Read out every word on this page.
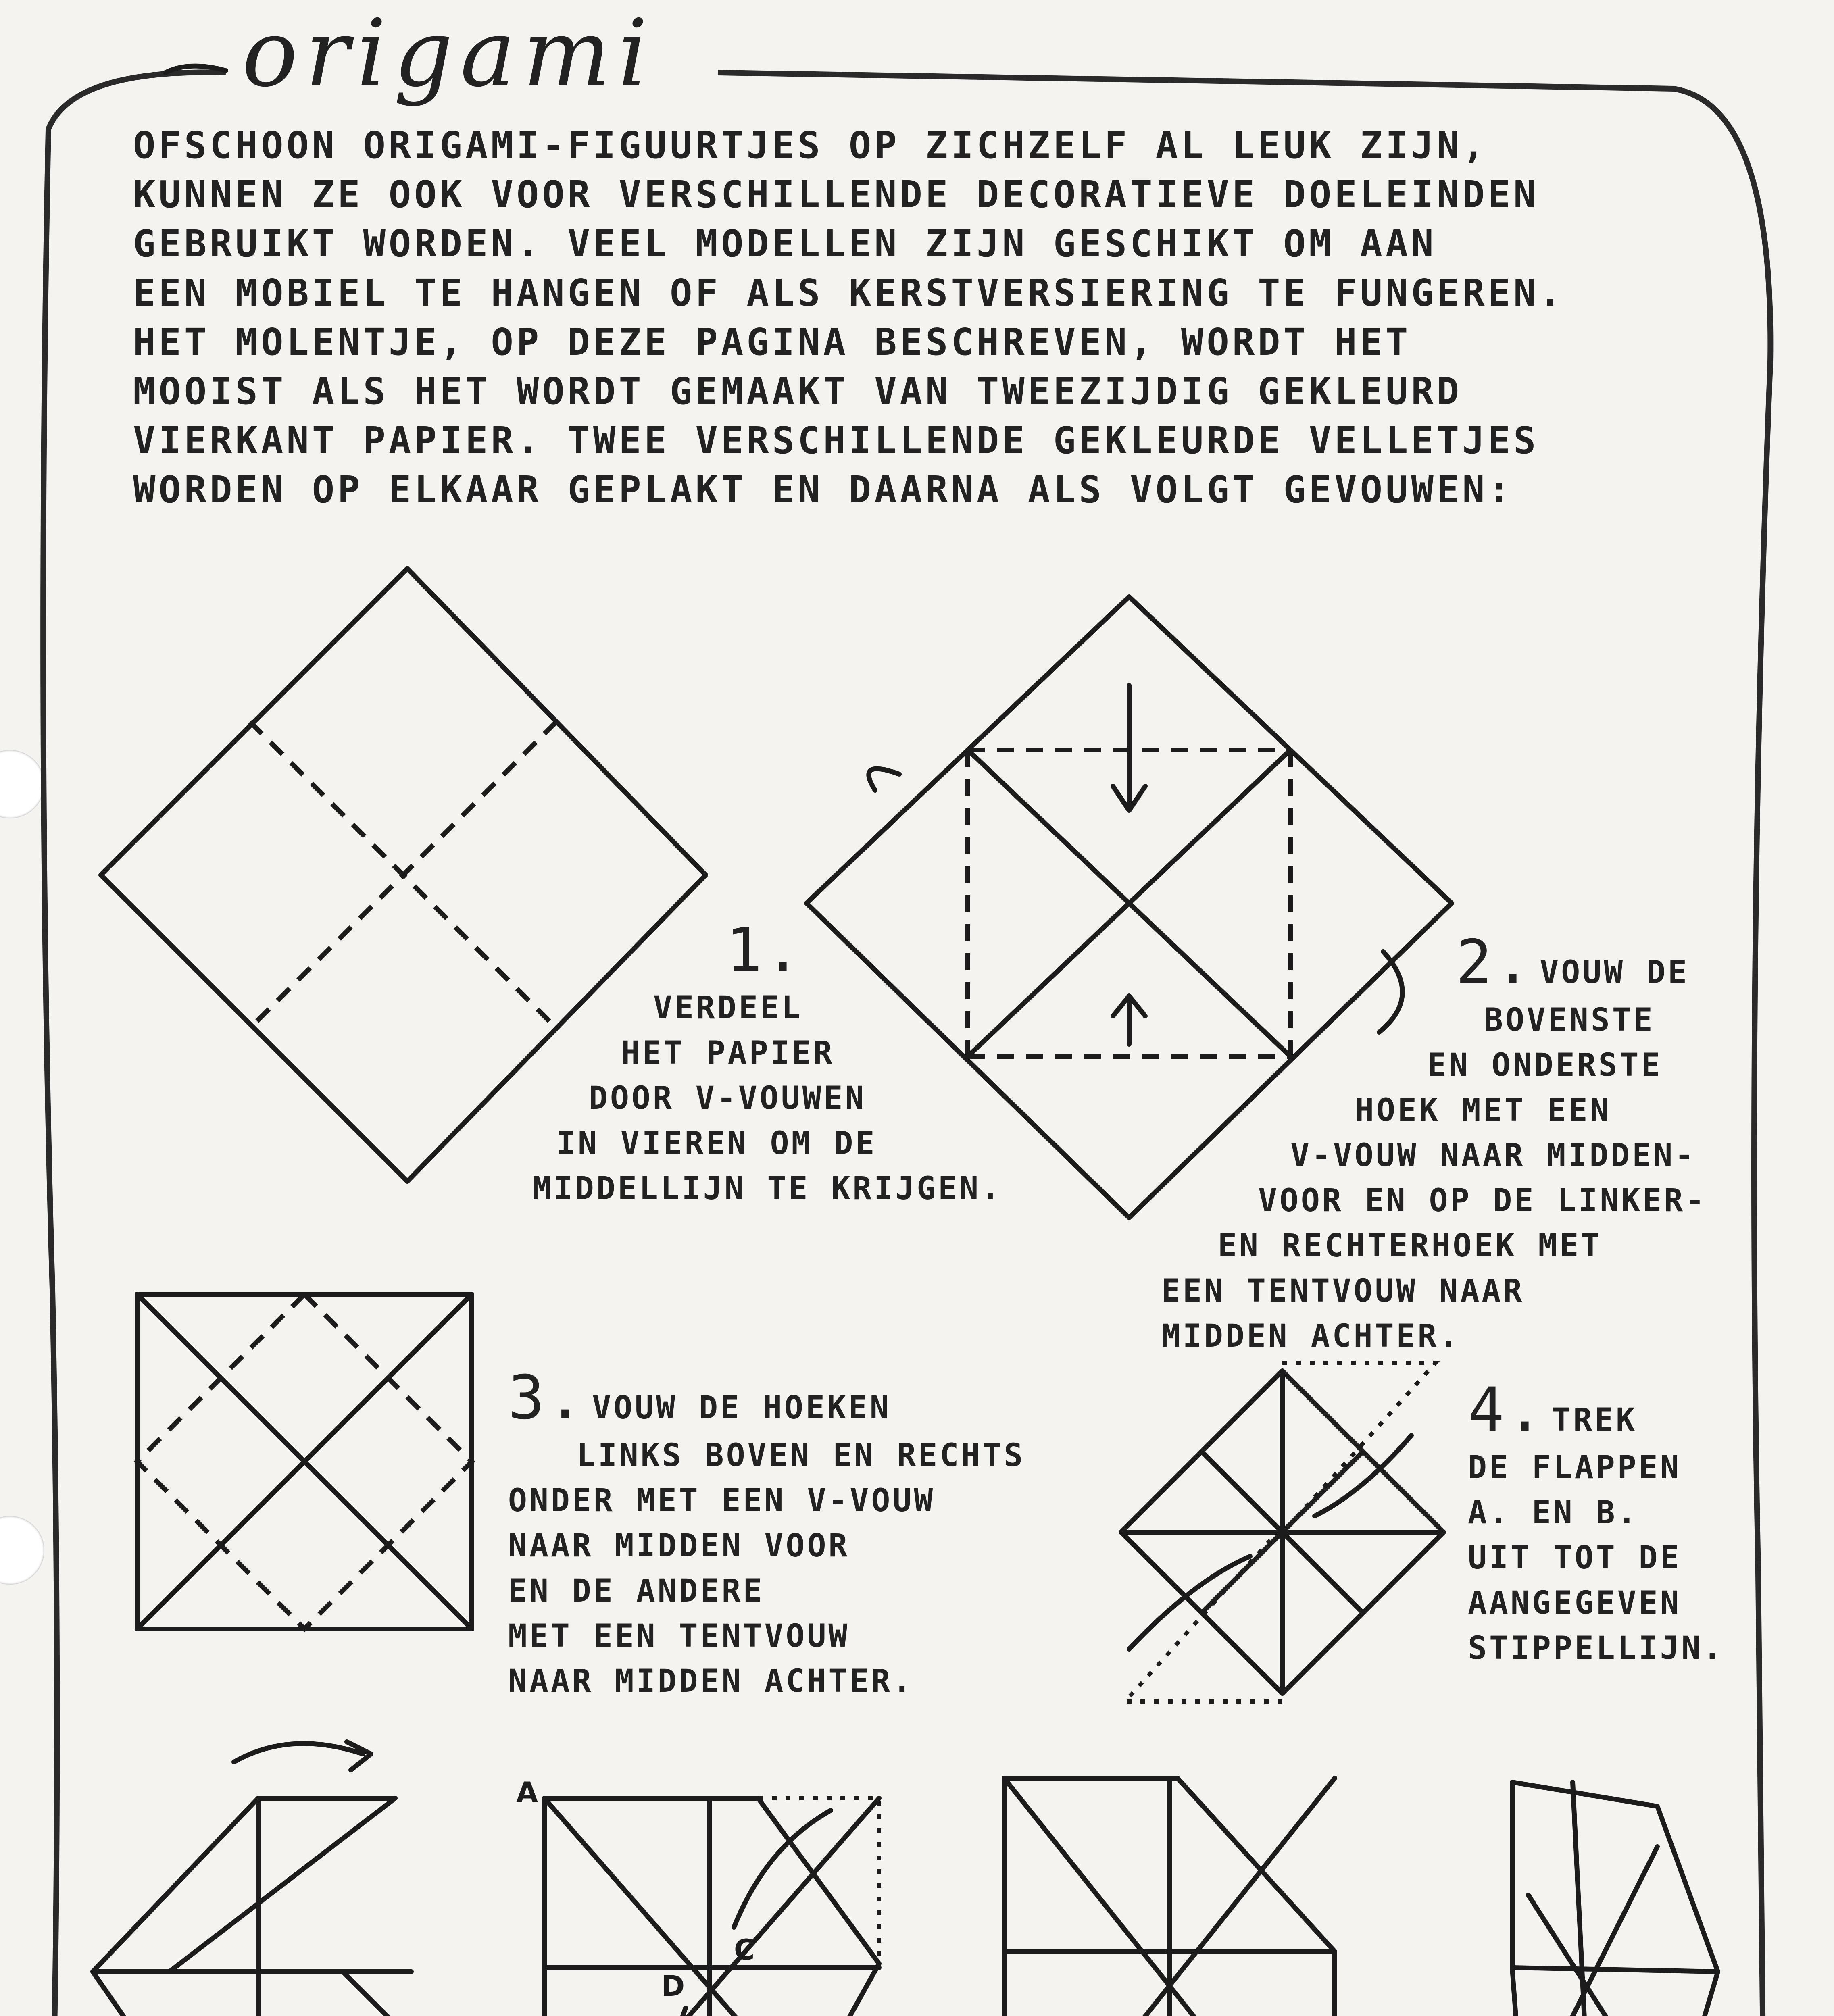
A
C
D
origami
OFSCHOON ORIGAMI-FIGUURTJES OP ZICHZELF AL LEUK ZIJN,
KUNNEN ZE OOK VOOR VERSCHILLENDE DECORATIEVE DOELEINDEN
GEBRUIKT WORDEN. VEEL MODELLEN ZIJN GESCHIKT OM AAN
EEN MOBIEL TE HANGEN OF ALS KERSTVERSIERING TE FUNGEREN.
HET MOLENTJE, OP DEZE PAGINA BESCHREVEN, WORDT HET
MOOIST ALS HET WORDT GEMAAKT VAN TWEEZIJDIG GEKLEURD
VIERKANT PAPIER. TWEE VERSCHILLENDE GEKLEURDE VELLETJES
WORDEN OP ELKAAR GEPLAKT EN DAARNA ALS VOLGT GEVOUWEN:
1.
VERDEEL
HET PAPIER
DOOR V-VOUWEN
IN VIEREN OM DE
MIDDELLIJN TE KRIJGEN.
2. VOUW DE
BOVENSTE
EN ONDERSTE
HOEK MET EEN
V-VOUW NAAR MIDDEN-
VOOR EN OP DE LINKER-
EN RECHTERHOEK MET
EEN TENTVOUW NAAR
MIDDEN ACHTER.
3. VOUW DE HOEKEN
LINKS BOVEN EN RECHTS
ONDER MET EEN V-VOUW
NAAR MIDDEN VOOR
EN DE ANDERE
MET EEN TENTVOUW
NAAR MIDDEN ACHTER.
4. TREK
DE FLAPPEN
A. EN B.
UIT TOT DE
AANGEGEVEN
STIPPELLIJN.
